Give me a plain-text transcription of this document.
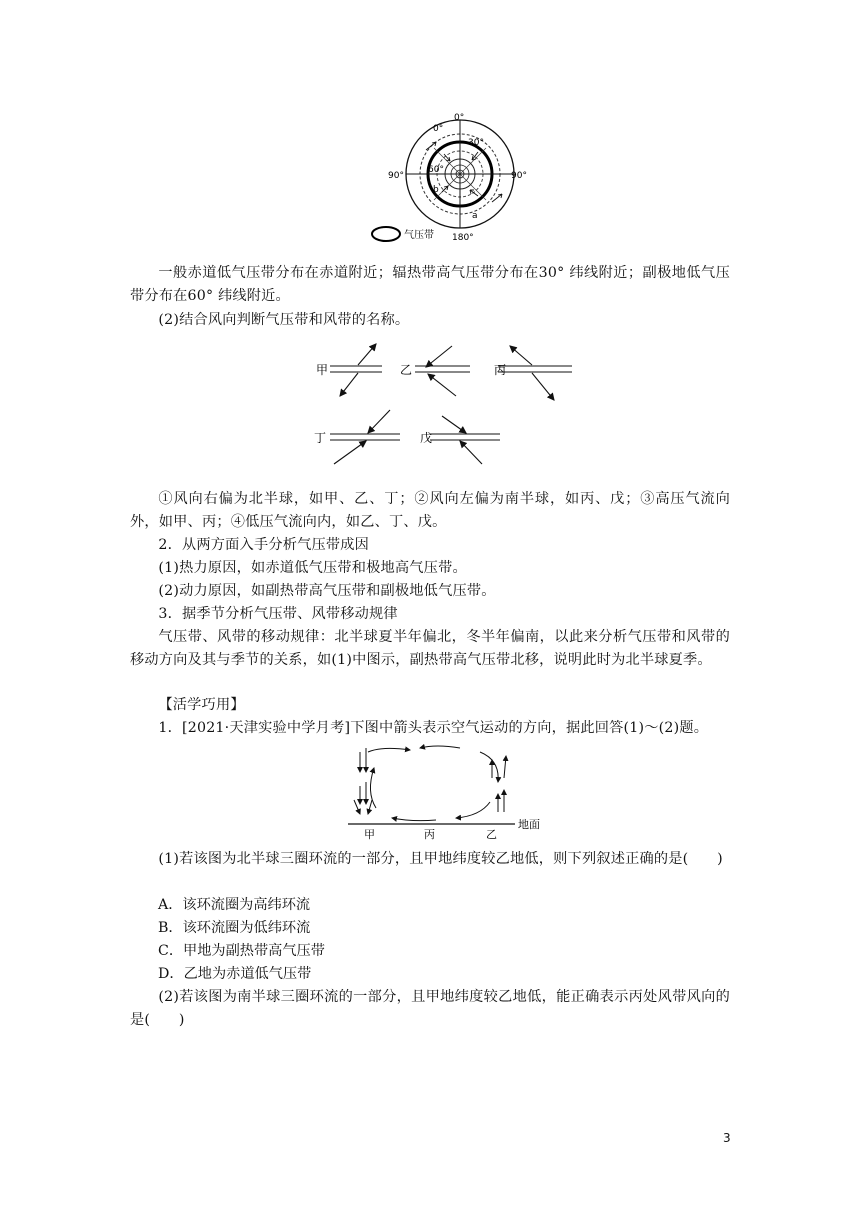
0°
0°
30°
60°
90°	90°
180°
b
a
气压带

一般赤道低气压带分布在赤道附近；辐热带高气压带分布在30° 纬线附近；副极地低气压带分布在60° 纬线附近。

(2)结合风向判断气压带和风带的名称。

甲	乙	丙
丁	戊

①风向右偏为北半球，如甲、乙、丁；②风向左偏为南半球，如丙、戊；③高压气流向外，如甲、丙；④低压气流向内，如乙、丁、戊。

2．从两方面入手分析气压带成因

(1)热力原因，如赤道低气压带和极地高气压带。

(2)动力原因，如副热带高气压带和副极地低气压带。

3．据季节分析气压带、风带移动规律

气压带、风带的移动规律：北半球夏半年偏北，冬半年偏南，以此来分析气压带和风带的移动方向及其与季节的关系，如(1)中图示，副热带高气压带北移，说明此时为北半球夏季。

【活学巧用】

1．[2021·天津实验中学月考]下图中箭头表示空气运动的方向，据此回答(1)～(2)题。

甲	丙	乙
地面

(1)若该图为北半球三圈环流的一部分，且甲地纬度较乙地低，则下列叙述正确的是(　　)

A．该环流圈为高纬环流
B．该环流圈为低纬环流
C．甲地为副热带高气压带
D．乙地为赤道低气压带

(2)若该图为南半球三圈环流的一部分，且甲地纬度较乙地低，能正确表示丙处风带风向的是(　　)

3
